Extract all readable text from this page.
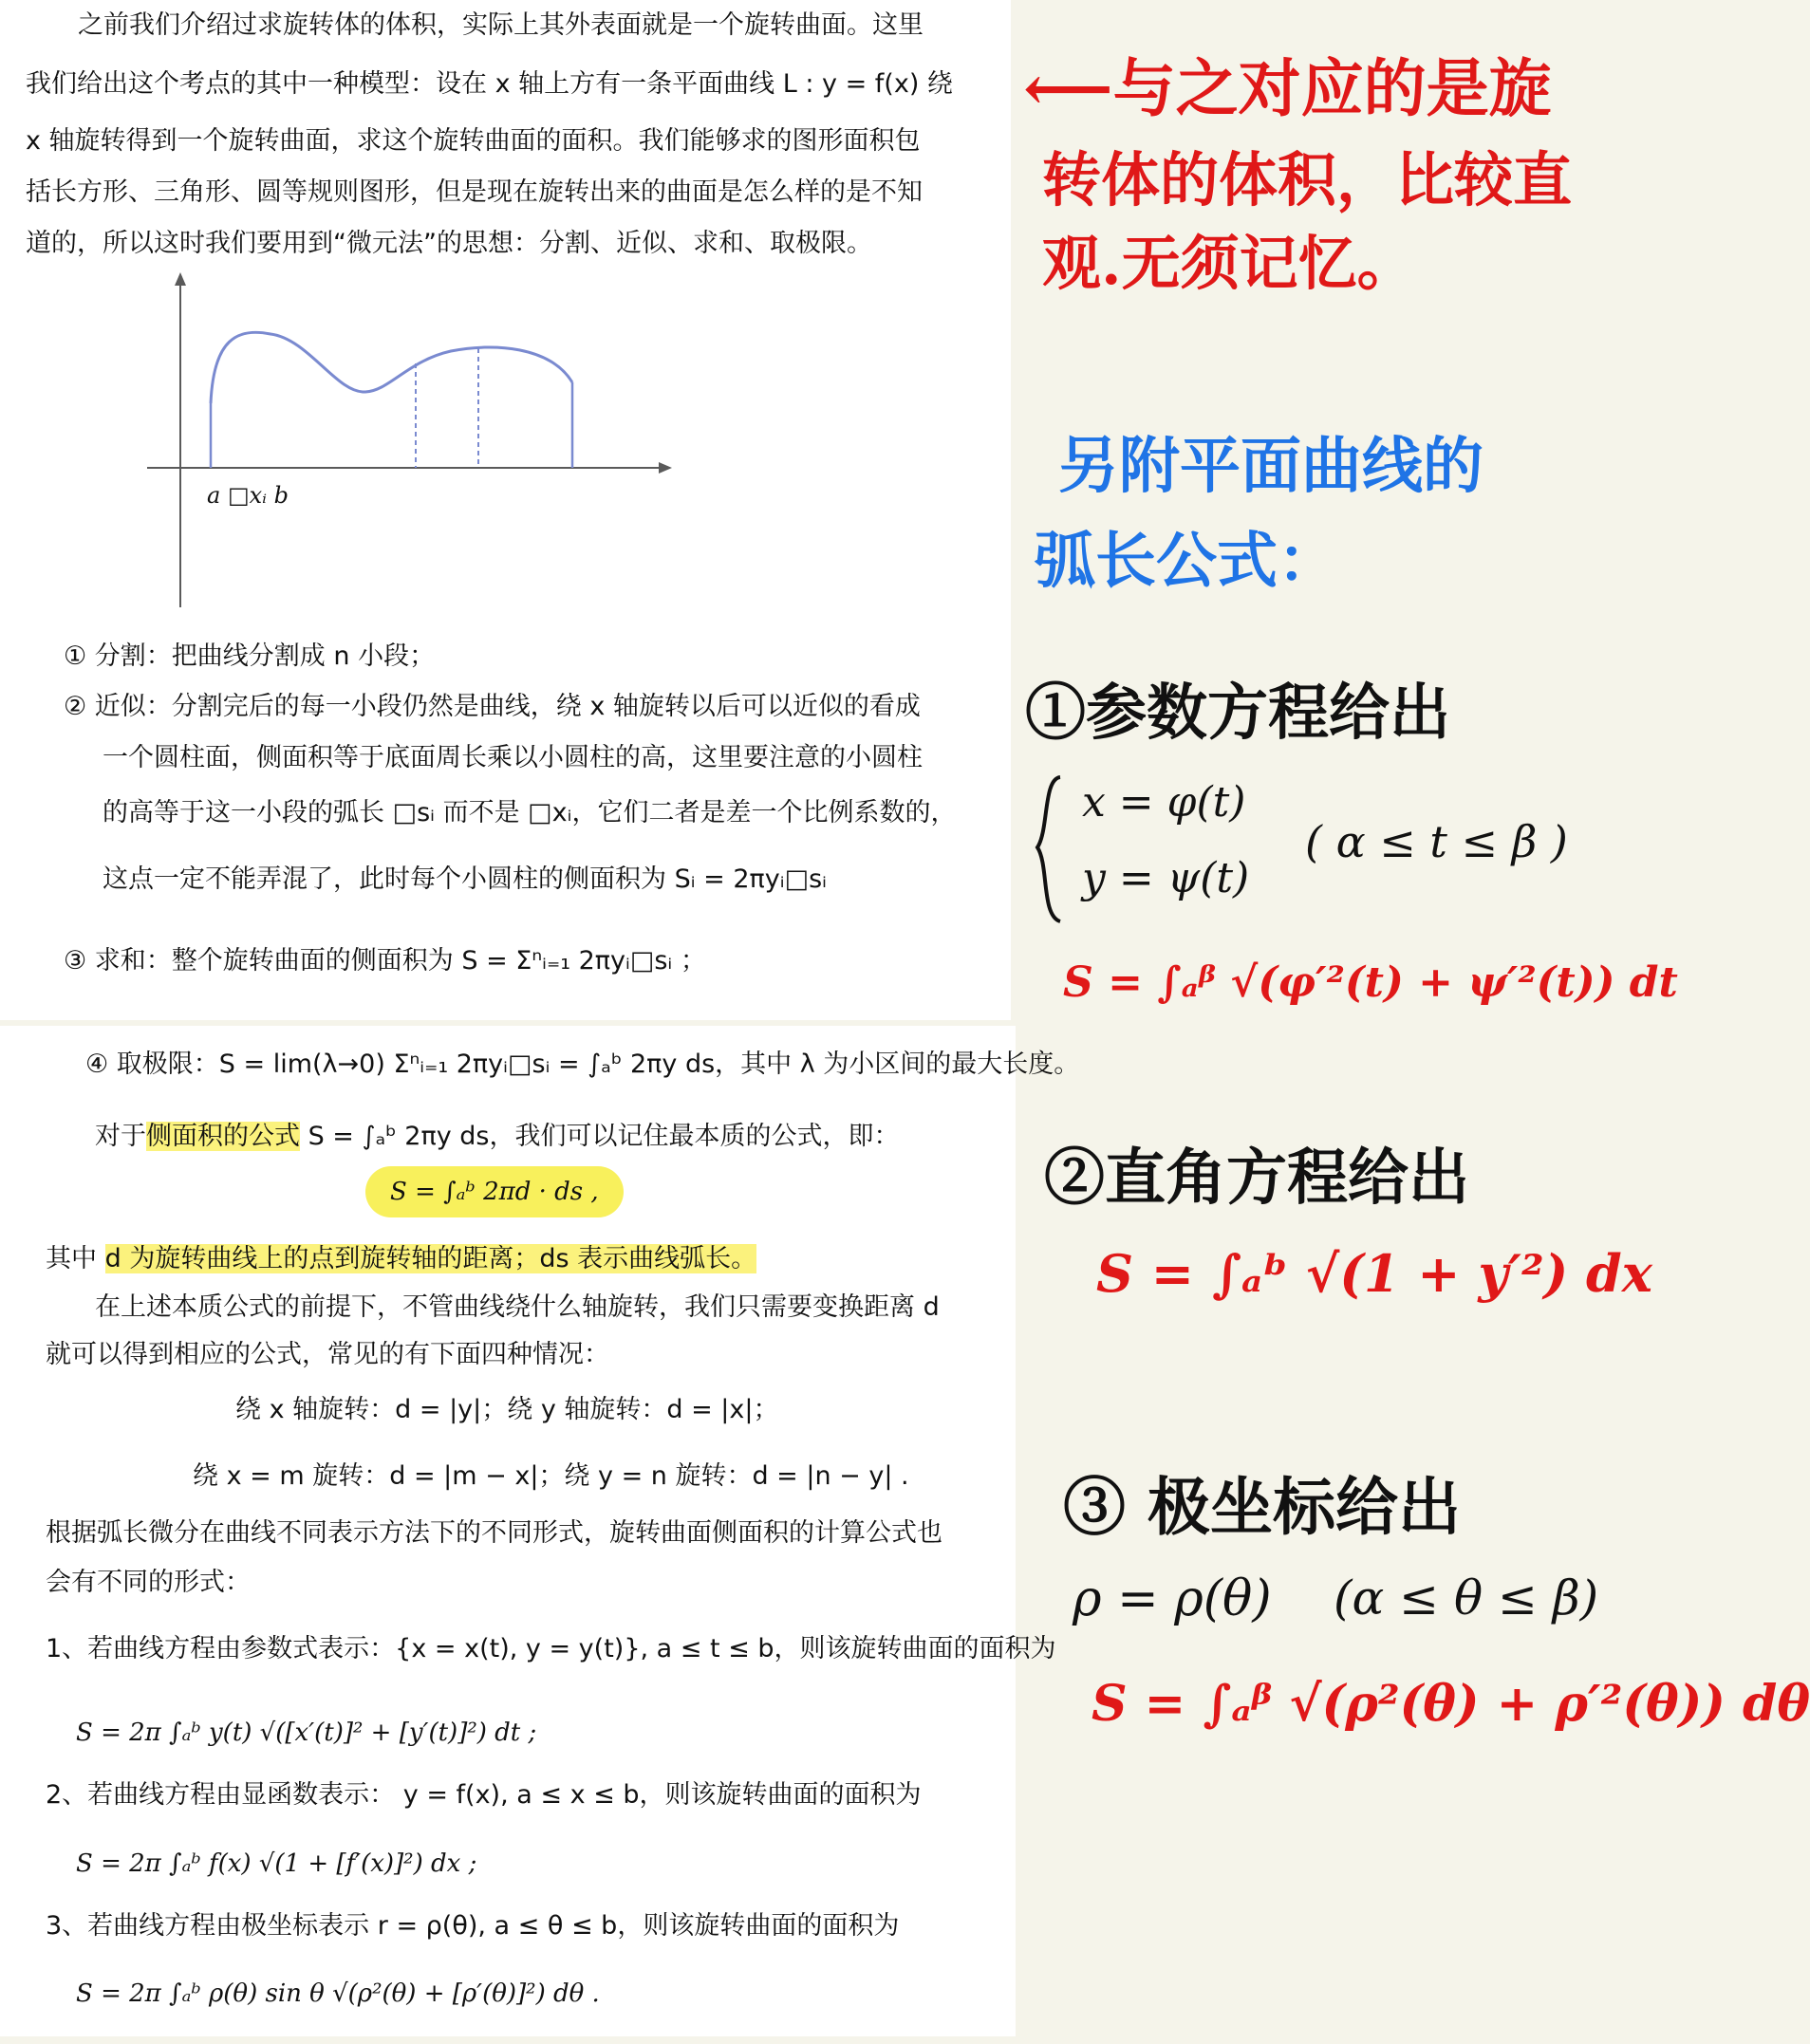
之前我们介绍过求旋转体的体积，实际上其外表面就是一个旋转曲面。这里
我们给出这个考点的其中一种模型：设在 x 轴上方有一条平面曲线 L : y = f(x) 绕
x 轴旋转得到一个旋转曲面，求这个旋转曲面的面积。我们能够求的图形面积包
括长方形、三角形、圆等规则图形，但是现在旋转出来的曲面是怎么样的是不知
道的，所以这时我们要用到“微元法”的思想：分割、近似、求和、取极限。
a □xᵢ b
① 分割：把曲线分割成 n 小段；
② 近似：分割完后的每一小段仍然是曲线，绕 x 轴旋转以后可以近似的看成
一个圆柱面，侧面积等于底面周长乘以小圆柱的高，这里要注意的小圆柱
的高等于这一小段的弧长 □sᵢ 而不是 □xᵢ，它们二者是差一个比例系数的，
这点一定不能弄混了，此时每个小圆柱的侧面积为 Sᵢ = 2πyᵢ□sᵢ
③ 求和：整个旋转曲面的侧面积为 S = Σⁿᵢ₌₁ 2πyᵢ□sᵢ ；
④ 取极限：S = lim(λ→0) Σⁿᵢ₌₁ 2πyᵢ□sᵢ = ∫ₐᵇ 2πy ds，其中 λ 为小区间的最大长度。
对于侧面积的公式 S = ∫ₐᵇ 2πy ds，我们可以记住最本质的公式，即：
S = ∫ₐᵇ 2πd · ds ,
其中 d 为旋转曲线上的点到旋转轴的距离；ds 表示曲线弧长。
在上述本质公式的前提下，不管曲线绕什么轴旋转，我们只需要变换距离 d
就可以得到相应的公式，常见的有下面四种情况：
绕 x 轴旋转：d = |y|；绕 y 轴旋转：d = |x|；
绕 x = m 旋转：d = |m − x|；绕 y = n 旋转：d = |n − y| .
根据弧长微分在曲线不同表示方法下的不同形式，旋转曲面侧面积的计算公式也
会有不同的形式：
1、若曲线方程由参数式表示：{x = x(t), y = y(t)}, a ≤ t ≤ b，则该旋转曲面的面积为
S = 2π ∫ₐᵇ y(t) √([x′(t)]² + [y′(t)]²) dt ;
2、若曲线方程由显函数表示： y = f(x), a ≤ x ≤ b，则该旋转曲面的面积为
S = 2π ∫ₐᵇ f(x) √(1 + [f′(x)]²) dx ;
3、若曲线方程由极坐标表示 r = ρ(θ), a ≤ θ ≤ b，则该旋转曲面的面积为
S = 2π ∫ₐᵇ ρ(θ) sin θ √(ρ²(θ) + [ρ′(θ)]²) dθ .
⟵与之对应的是旋
转体的体积，比较直
观.无须记忆。
另附平面曲线的
弧长公式：
①参数方程给出
x = φ(t)
y = ψ(t)
( α ≤ t ≤ β )
S = ∫ₐᵝ √(φ′²(t) + ψ′²(t)) dt
②直角方程给出
S = ∫ₐᵇ √(1 + y′²) dx
③ 极坐标给出
ρ = ρ(θ) (α ≤ θ ≤ β)
S = ∫ₐᵝ √(ρ²(θ) + ρ′²(θ)) dθ
